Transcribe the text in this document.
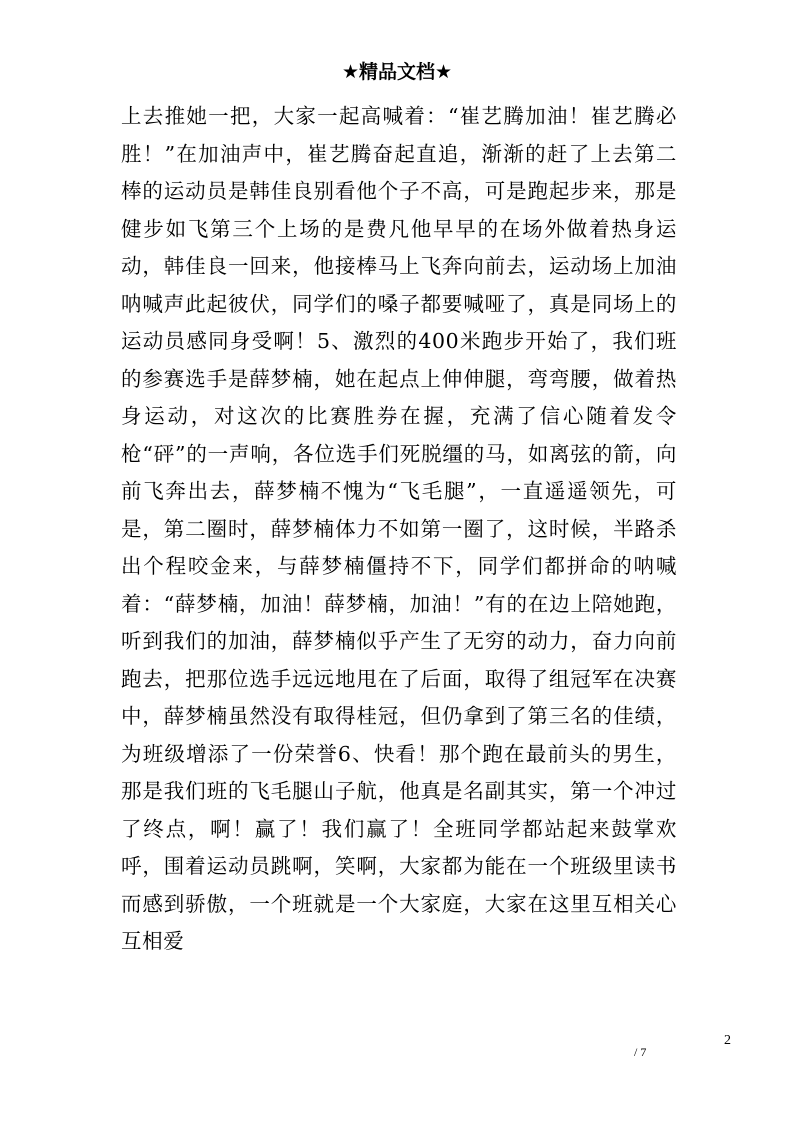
★精品文档★

上去推她一把，大家一起高喊着：“崔艺腾加油！崔艺腾必胜！”在加油声中，崔艺腾奋起直追，渐渐的赶了上去第二棒的运动员是韩佳良别看他个子不高，可是跑起步来，那是健步如飞第三个上场的是费凡他早早的在场外做着热身运动，韩佳良一回来，他接棒马上飞奔向前去，运动场上加油呐喊声此起彼伏，同学们的嗓子都要喊哑了，真是同场上的运动员感同身受啊！5、激烈的400米跑步开始了，我们班的参赛选手是薛梦楠，她在起点上伸伸腿，弯弯腰，做着热身运动，对这次的比赛胜券在握，充满了信心随着发令枪“砰”的一声响，各位选手们死脱缰的马，如离弦的箭，向前飞奔出去，薛梦楠不愧为“飞毛腿”，一直遥遥领先，可是，第二圈时，薛梦楠体力不如第一圈了，这时候，半路杀出个程咬金来，与薛梦楠僵持不下，同学们都拼命的呐喊着：“薛梦楠，加油！薛梦楠，加油！”有的在边上陪她跑，听到我们的加油，薛梦楠似乎产生了无穷的动力，奋力向前跑去，把那位选手远远地甩在了后面，取得了组冠军在决赛中，薛梦楠虽然没有取得桂冠，但仍拿到了第三名的佳绩，为班级增添了一份荣誉6、快看！那个跑在最前头的男生，那是我们班的飞毛腿山子航，他真是名副其实，第一个冲过了终点，啊！赢了！我们赢了！全班同学都站起来鼓掌欢呼，围着运动员跳啊，笑啊，大家都为能在一个班级里读书而感到骄傲，一个班就是一个大家庭，大家在这里互相关心互相爱

2
/ 7
